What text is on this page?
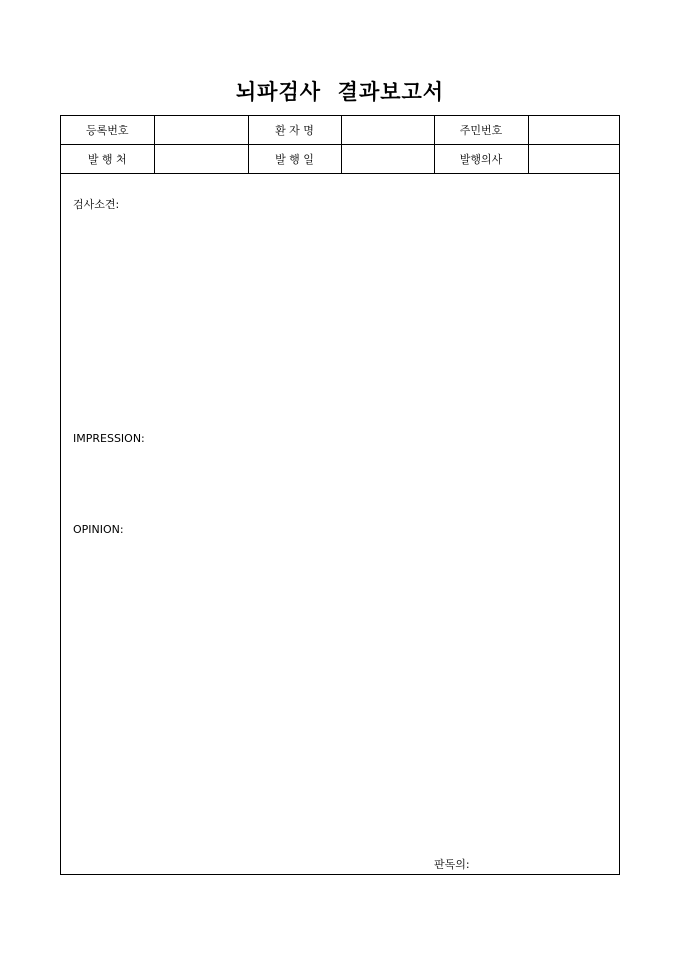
뇌파검사  결과보고서
등록번호		환 자 명		주민번호	
발 행 처		발 행 일		발행의사	
검사소견:
IMPRESSION:
OPINION:
판독의:
